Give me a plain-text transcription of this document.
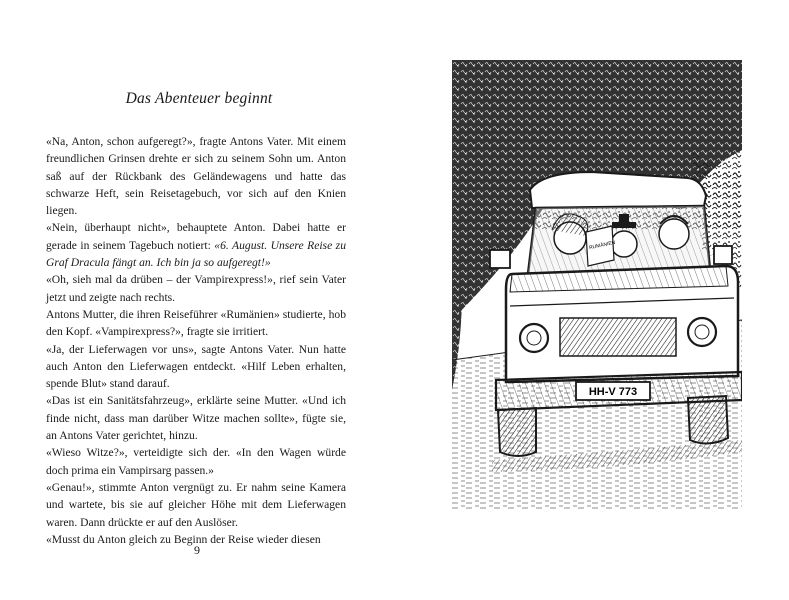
Das Abenteuer beginnt

«Na, Anton, schon aufgeregt?», fragte Antons Vater. Mit einem freundlichen Grinsen drehte er sich zu seinem Sohn um. Anton saß auf der Rückbank des Geländewagens und hatte das schwarze Heft, sein Reisetagebuch, vor sich auf den Knien liegen.

«Nein, überhaupt nicht», behauptete Anton. Dabei hatte er gerade in seinem Tagebuch notiert: «6. August. Unsere Reise zu Graf Dracula fängt an. Ich bin ja so aufgeregt!»

«Oh, sieh mal da drüben – der Vampirexpress!», rief sein Vater jetzt und zeigte nach rechts.

Antons Mutter, die ihren Reiseführer «Rumänien» studierte, hob den Kopf. «Vampirexpress?», fragte sie irritiert.

«Ja, der Lieferwagen vor uns», sagte Antons Vater. Nun hatte auch Anton den Lieferwagen entdeckt. «Hilf Leben erhalten, spende Blut» stand darauf.

«Das ist ein Sanitätsfahrzeug», erklärte seine Mutter. «Und ich finde nicht, dass man darüber Witze machen sollte», fügte sie, an Antons Vater gerichtet, hinzu.

«Wieso Witze?», verteidigte sich der. «In den Wagen würde doch prima ein Vampirsarg passen.»

«Genau!», stimmte Anton vergnügt zu. Er nahm seine Kamera und wartete, bis sie auf gleicher Höhe mit dem Lieferwagen waren. Dann drückte er auf den Auslöser.

«Musst du Anton gleich zu Beginn der Reise wieder diesen

9
RUMÄNIEN
HH-V 773
